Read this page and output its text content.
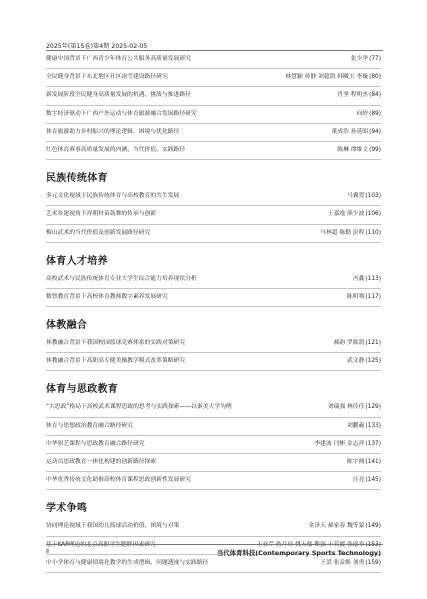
2025年(第15卷)第4期 2025-02-05
健康中国背景下广西青少年体育公共服务高质量发展研究	张少净(77)
全民健身背景下东北地区社区冰雪建设路径研究	林慧颖 孙静 刘超凯 韩曦玉 李璇(80)
新发展阶段全民健身高质量发展的机遇、挑战与推进路径	肖坚 程明杰(84)
数字经济驱动下广西户外运动与体育旅游融合发展路径研究	向婷(89)
体育旅游助力乡村振兴的理论逻辑、困境与优化路径	董成浩 孙延昭(94)
红色体育赛事高质量发展的内涵、当代价值、实践路径	陈琳 谭维文(99)
民族传统体育
多元文化视域下民族传统体育与高校教育的共生发展	马翼贺(103)
艺术乡建视角下祥朝村苗鼓舞的传承与创新	王嘉逸 熊少波(106)
梅山武术的当代价值及创新发展路径研究	马林超 陈勤 彭程(110)
体育人才培养
高校武术与民族传统体育专业大学生综合能力培养现状分析	冯鑫(113)
数智教育背景下高校体育教师数字素养发展研究	陈明骞(117)
体教融合
体教融合背景下我国校园篮球竞赛体系的实践对策研究	郝韵 罗源凯(121)
体教融合背景下高职高专健美操教学模式改革策略研究	武文静(125)
体育与思政教育
“大思政”格局下高校武术课程思政的思考与实践探索——以秦美大学为例	刘瑞强 林佳佳(129)
体育与思想政治教育融合路径研究	刘鹏羲(133)
中华射艺课程与思政教育融合路径研究	李建波 闫彬 金志祥(137)
运动员思政教育一体化构建的创新路径探索	陈宇阁(141)
中华优秀传统文化助推高校体育课程思政创新性发展研究	汪亮(145)
学术争鸣
协同理论视域下我国幼儿篮球活动价值、困境与对策	金泽天 郝家春 魏等蒙(149)
基于KAP理论的北京高职学生肥胖因素研究	王亚芹 蒋月玲 姚天郁 靳强 于若媛 张瑞奉(153)
中小学体育与健康情境化教学的生成逻辑、问题透视与实践路径	王滔 张益焕 刘勇(159)
Ⅱ	当代体育科技(Contemporary Sports Technology)
